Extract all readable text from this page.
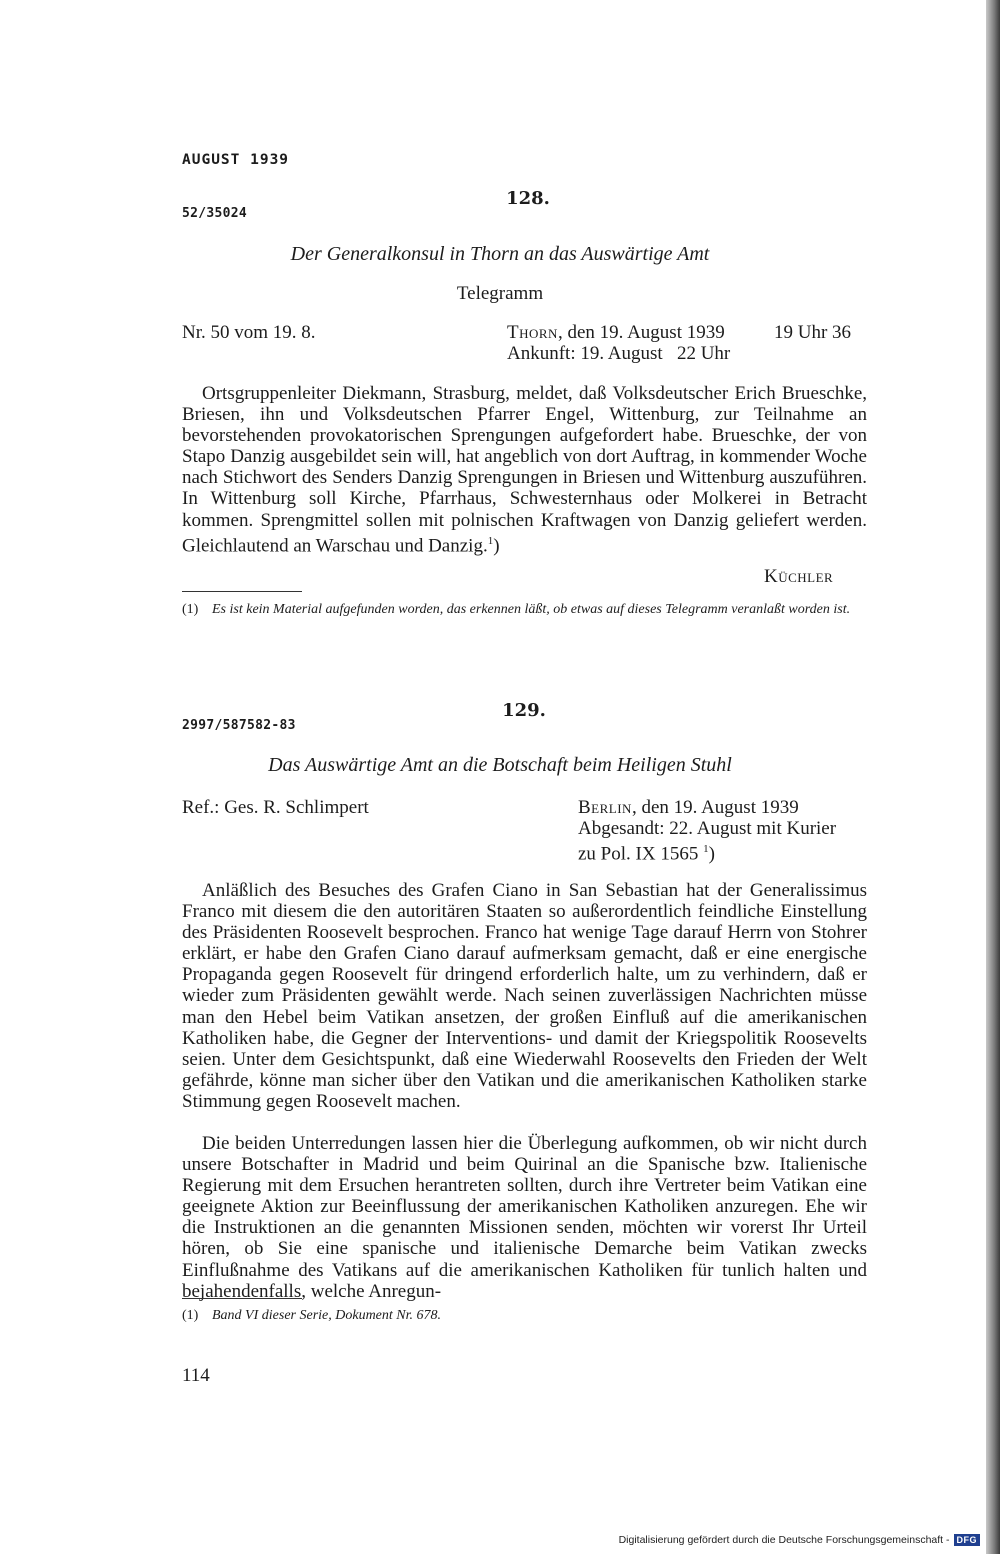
AUGUST 1939
128.
52/35024
Der Generalkonsul in Thorn an das Auswärtige Amt
Telegramm
Nr. 50 vom 19. 8.	Thorn, den 19. August 1939	19 Uhr 36
Ankunft: 19. August   22 Uhr
Ortsgruppenleiter Diekmann, Strasburg, meldet, daß Volksdeutscher Erich Brueschke, Briesen, ihn und Volksdeutschen Pfarrer Engel, Wittenburg, zur Teilnahme an bevorstehenden provokatorischen Sprengungen aufgefordert habe. Brueschke, der von Stapo Danzig ausgebildet sein will, hat angeblich von dort Auftrag, in kommender Woche nach Stichwort des Senders Danzig Sprengungen in Briesen und Wittenburg auszuführen. In Wittenburg soll Kirche, Pfarrhaus, Schwesternhaus oder Molkerei in Betracht kommen. Sprengmittel sollen mit polnischen Kraftwagen von Danzig geliefert werden. Gleichlautend an Warschau und Danzig.$^1$)
Küchler
(1) Es ist kein Material aufgefunden worden, das erkennen läßt, ob etwas auf dieses Telegramm veranlaßt worden ist.
129.
2997/587582-83
Das Auswärtige Amt an die Botschaft beim Heiligen Stuhl
Ref.: Ges. R. Schlimpert	Berlin, den 19. August 1939
Abgesandt: 22. August mit Kurier
zu Pol. IX 1565 $^1$)
Anläßlich des Besuches des Grafen Ciano in San Sebastian hat der Generalissimus Franco mit diesem die den autoritären Staaten so außerordentlich feindliche Einstellung des Präsidenten Roosevelt besprochen. Franco hat wenige Tage darauf Herrn von Stohrer erklärt, er habe den Grafen Ciano darauf aufmerksam gemacht, daß er eine energische Propaganda gegen Roosevelt für dringend erforderlich halte, um zu verhindern, daß er wieder zum Präsidenten gewählt werde. Nach seinen zuverlässigen Nachrichten müsse man den Hebel beim Vatikan ansetzen, der großen Einfluß auf die amerikanischen Katholiken habe, die Gegner der Interventions- und damit der Kriegspolitik Roosevelts seien. Unter dem Gesichtspunkt, daß eine Wiederwahl Roosevelts den Frieden der Welt gefährde, könne man sicher über den Vatikan und die amerikanischen Katholiken starke Stimmung gegen Roosevelt machen.
Die beiden Unterredungen lassen hier die Überlegung aufkommen, ob wir nicht durch unsere Botschafter in Madrid und beim Quirinal an die Spanische bzw. Italienische Regierung mit dem Ersuchen herantreten sollten, durch ihre Vertreter beim Vatikan eine geeignete Aktion zur Beeinflussung der amerikanischen Katholiken anzuregen. Ehe wir die Instruktionen an die genannten Missionen senden, möchten wir vorerst Ihr Urteil hören, ob Sie eine spanische und italienische Demarche beim Vatikan zwecks Einflußnahme des Vatikans auf die amerikanischen Katholiken für tunlich halten und bejahendenfalls, welche Anregun-
(1) Band VI dieser Serie, Dokument Nr. 678.
114
Digitalisierung gefördert durch die Deutsche Forschungsgemeinschaft - DFG
